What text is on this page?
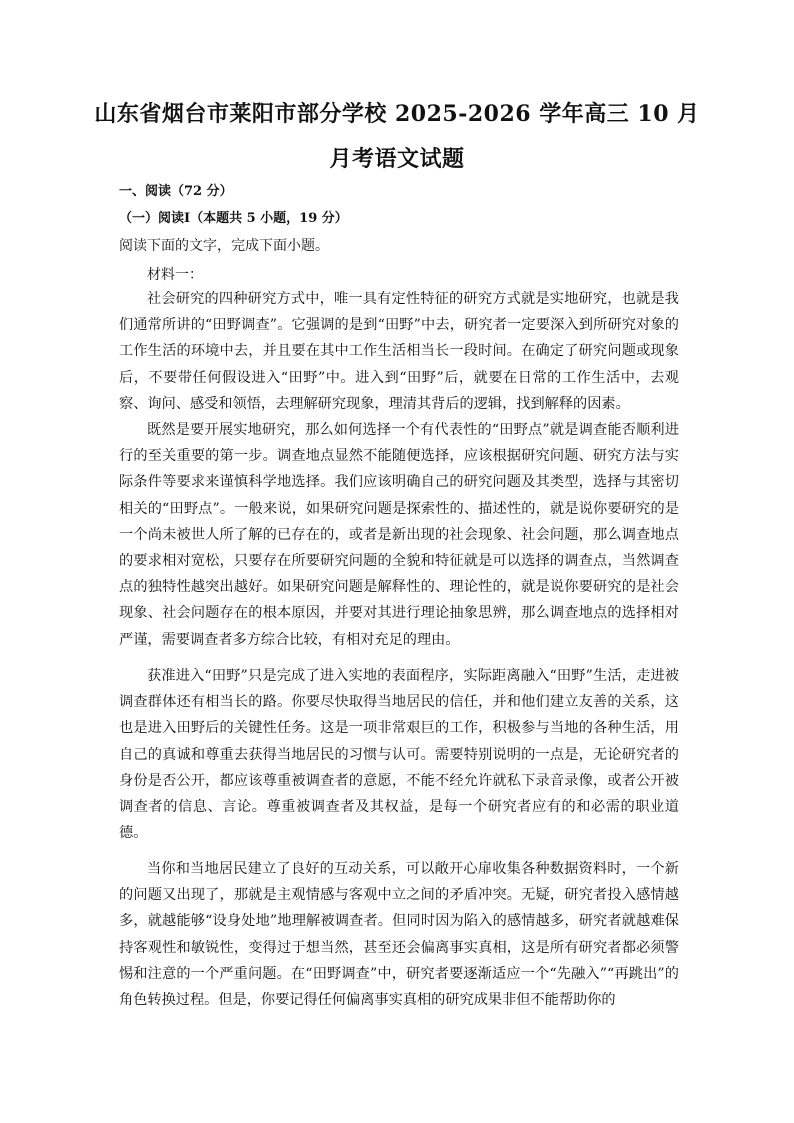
山东省烟台市莱阳市部分学校 2025-2026 学年高三 10 月
月考语文试题
一、阅读（72 分）
（一）阅读Ⅰ（本题共 5 小题，19 分）
阅读下面的文字，完成下面小题。
材料一：

社会研究的四种研究方式中，唯一具有定性特征的研究方式就是实地研究，也就是我们通常所讲的“田野调查”。它强调的是到“田野”中去，研究者一定要深入到所研究对象的工作生活的环境中去，并且要在其中工作生活相当长一段时间。在确定了研究问题或现象后，不要带任何假设进入“田野”中。进入到“田野”后，就要在日常的工作生活中，去观察、询问、感受和领悟，去理解研究现象，理清其背后的逻辑，找到解释的因素。

既然是要开展实地研究，那么如何选择一个有代表性的“田野点”就是调查能否顺利进行的至关重要的第一步。调查地点显然不能随便选择，应该根据研究问题、研究方法与实际条件等要求来谨慎科学地选择。我们应该明确自己的研究问题及其类型，选择与其密切相关的“田野点”。一般来说，如果研究问题是探索性的、描述性的，就是说你要研究的是一个尚未被世人所了解的已存在的，或者是新出现的社会现象、社会问题，那么调查地点的要求相对宽松，只要存在所要研究问题的全貌和特征就是可以选择的调查点，当然调查点的独特性越突出越好。如果研究问题是解释性的、理论性的，就是说你要研究的是社会现象、社会问题存在的根本原因，并要对其进行理论抽象思辨，那么调查地点的选择相对严谨，需要调查者多方综合比较，有相对充足的理由。

获准进入“田野”只是完成了进入实地的表面程序，实际距离融入“田野”生活，走进被调查群体还有相当长的路。你要尽快取得当地居民的信任，并和他们建立友善的关系，这也是进入田野后的关键性任务。这是一项非常艰巨的工作，积极参与当地的各种生活，用自己的真诚和尊重去获得当地居民的习惯与认可。需要特别说明的一点是，无论研究者的身份是否公开，都应该尊重被调查者的意愿，不能不经允许就私下录音录像，或者公开被调查者的信息、言论。尊重被调查者及其权益，是每一个研究者应有的和必需的职业道德。

当你和当地居民建立了良好的互动关系，可以敞开心扉收集各种数据资料时，一个新的问题又出现了，那就是主观情感与客观中立之间的矛盾冲突。无疑，研究者投入感情越多，就越能够“设身处地”地理解被调查者。但同时因为陷入的感情越多，研究者就越难保持客观性和敏锐性，变得过于想当然，甚至还会偏离事实真相，这是所有研究者都必须警惕和注意的一个严重问题。在“田野调查”中，研究者要逐渐适应一个“先融入”“再跳出”的角色转换过程。但是，你要记得任何偏离事实真相的研究成果非但不能帮助你的
